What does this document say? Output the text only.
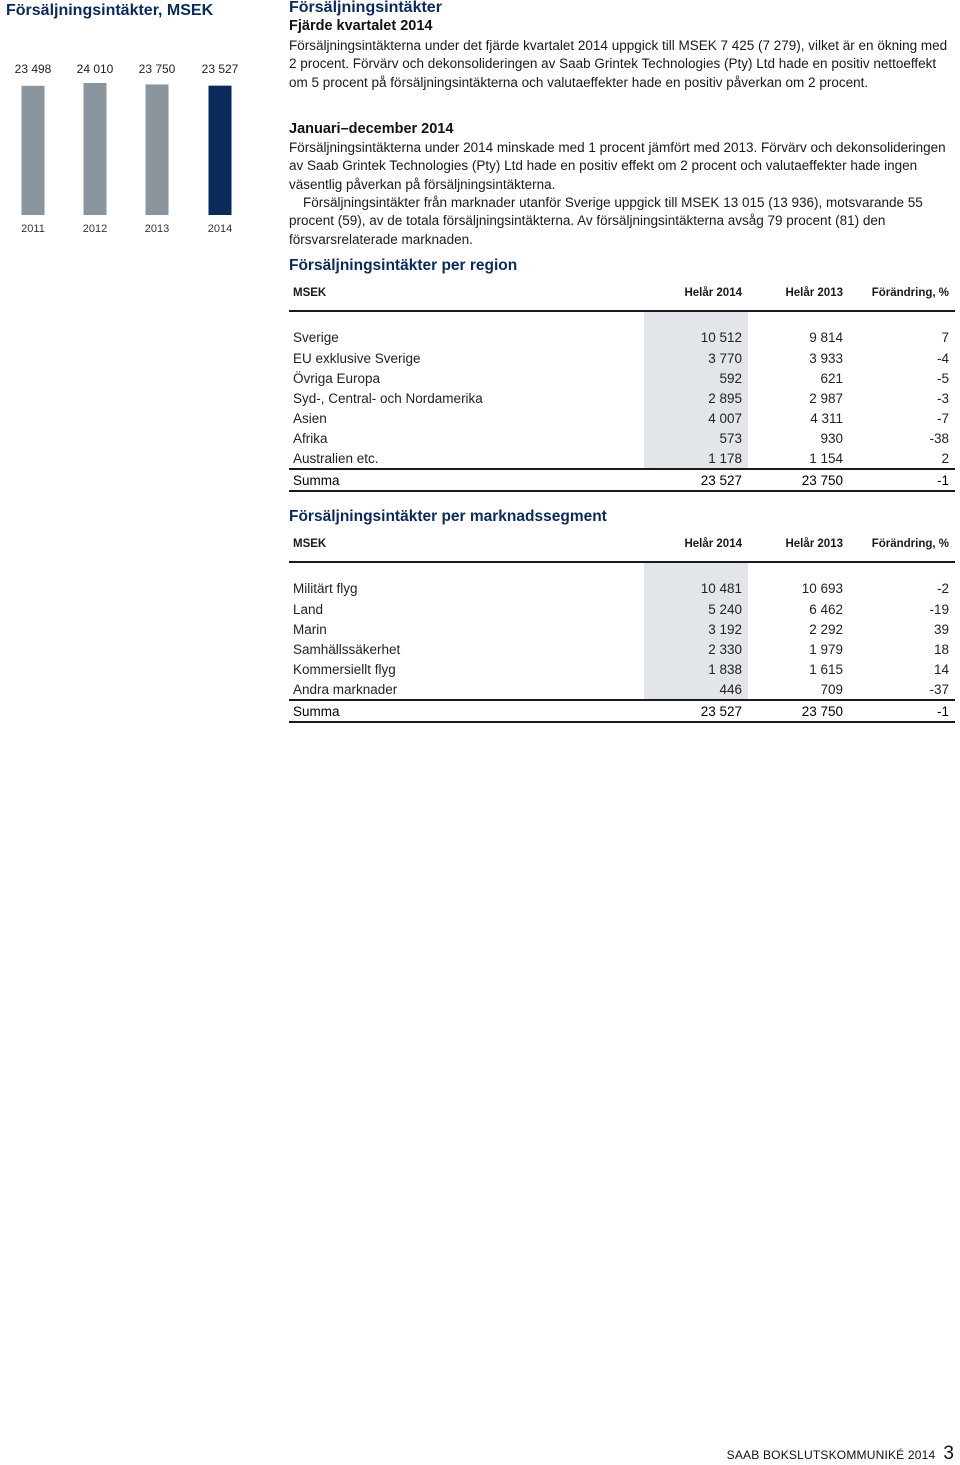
Försäljningsintäkter, MSEK
23 498
2011
24 010
2012
23 750
2013
23 527
2014
Försäljningsintäkter
Fjärde kvartalet 2014
Försäljningsintäkterna under det fjärde kvartalet 2014 uppgick till MSEK 7 425 (7 279), vilket är en ökning med 2 procent. Förvärv och dekonsolideringen av Saab Grintek Technologies (Pty) Ltd hade en positiv nettoeffekt om 5 procent på försäljningsintäkterna och valutaeffekter hade en positiv påverkan om 2 procent.
Januari–december 2014
Försäljningsintäkterna under 2014 minskade med 1 procent jämfört med 2013. Förvärv och dekonsolideringen av Saab Grintek Technologies (Pty) Ltd hade en positiv effekt om 2 procent och valutaeffekter hade ingen väsentlig påverkan på försäljningsintäkterna.
Försäljningsintäkter från marknader utanför Sverige uppgick till MSEK 13 015 (13 936), motsvarande 55 procent (59), av de totala försäljningsintäkterna. Av försäljningsintäkterna avsåg 79 procent (81) den försvarsrelaterade marknaden.
Försäljningsintäkter per region
MSEK	Helår 2014	Helår 2013	Förändring, %

Sverige	10 512	9 814	7
EU exklusive Sverige	3 770	3 933	-4
Övriga Europa	592	621	-5
Syd-, Central- och Nordamerika	2 895	2 987	-3
Asien	4 007	4 311	-7
Afrika	573	930	-38
Australien etc.	1 178	1 154	2
Summa	23 527	23 750	-1
Försäljningsintäkter per marknadssegment
MSEK	Helår 2014	Helår 2013	Förändring, %

Militärt flyg	10 481	10 693	-2
Land	5 240	6 462	-19
Marin	3 192	2 292	39
Samhällssäkerhet	2 330	1 979	18
Kommersiellt flyg	1 838	1 615	14
Andra marknader	446	709	-37
Summa	23 527	23 750	-1
SAAB BOKSLUTSKOMMUNIKÉ 2014 3
